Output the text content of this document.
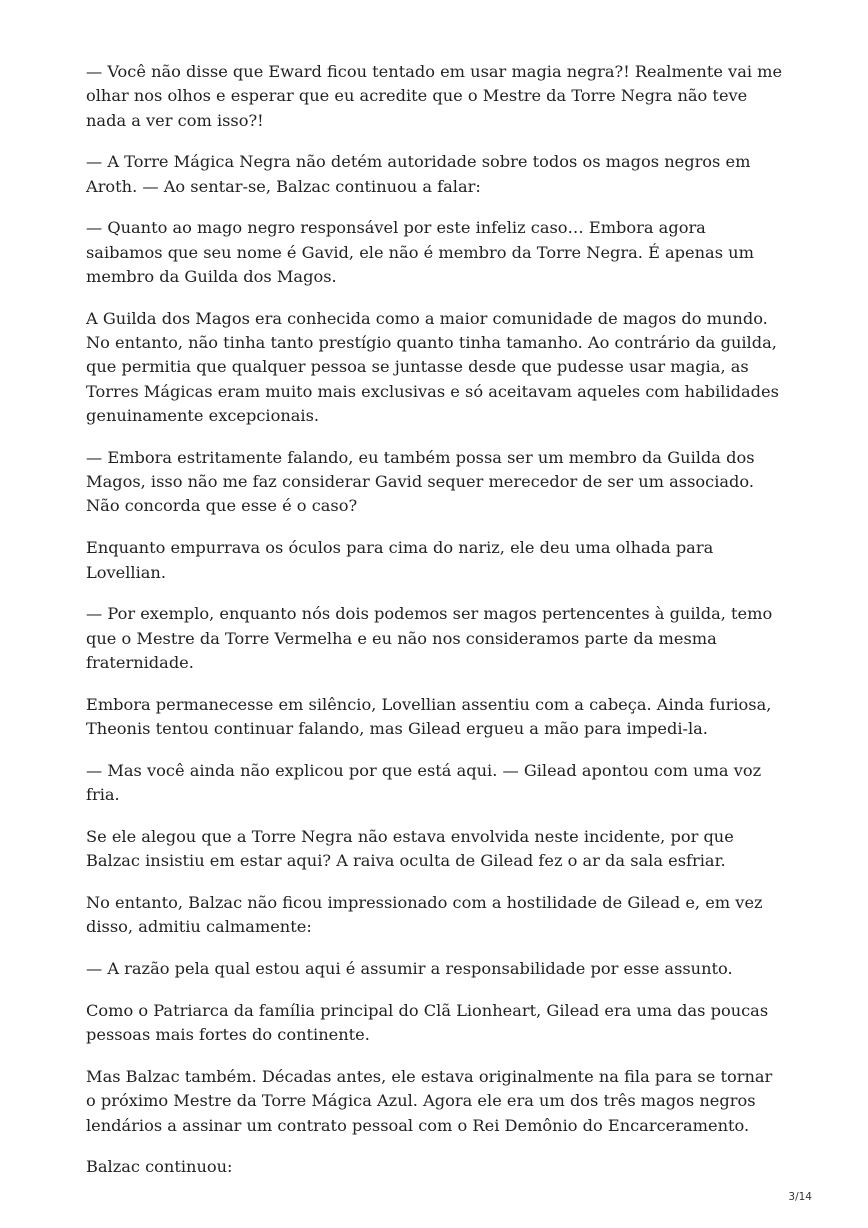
— Você não disse que Eward ficou tentado em usar magia negra?! Realmente vai me olhar nos olhos e esperar que eu acredite que o Mestre da Torre Negra não teve nada a ver com isso?!

— A Torre Mágica Negra não detém autoridade sobre todos os magos negros em Aroth. — Ao sentar-se, Balzac continuou a falar:

— Quanto ao mago negro responsável por este infeliz caso… Embora agora saibamos que seu nome é Gavid, ele não é membro da Torre Negra. É apenas um membro da Guilda dos Magos.

A Guilda dos Magos era conhecida como a maior comunidade de magos do mundo. No entanto, não tinha tanto prestígio quanto tinha tamanho. Ao contrário da guilda, que permitia que qualquer pessoa se juntasse desde que pudesse usar magia, as Torres Mágicas eram muito mais exclusivas e só aceitavam aqueles com habilidades genuinamente excepcionais.

— Embora estritamente falando, eu também possa ser um membro da Guilda dos Magos, isso não me faz considerar Gavid sequer merecedor de ser um associado. Não concorda que esse é o caso?

Enquanto empurrava os óculos para cima do nariz, ele deu uma olhada para Lovellian.

— Por exemplo, enquanto nós dois podemos ser magos pertencentes à guilda, temo que o Mestre da Torre Vermelha e eu não nos consideramos parte da mesma fraternidade.

Embora permanecesse em silêncio, Lovellian assentiu com a cabeça. Ainda furiosa, Theonis tentou continuar falando, mas Gilead ergueu a mão para impedi-la.

— Mas você ainda não explicou por que está aqui. — Gilead apontou com uma voz fria.

Se ele alegou que a Torre Negra não estava envolvida neste incidente, por que Balzac insistiu em estar aqui? A raiva oculta de Gilead fez o ar da sala esfriar.

No entanto, Balzac não ficou impressionado com a hostilidade de Gilead e, em vez disso, admitiu calmamente:

— A razão pela qual estou aqui é assumir a responsabilidade por esse assunto.

Como o Patriarca da família principal do Clã Lionheart, Gilead era uma das poucas pessoas mais fortes do continente.

Mas Balzac também. Décadas antes, ele estava originalmente na fila para se tornar o próximo Mestre da Torre Mágica Azul. Agora ele era um dos três magos negros lendários a assinar um contrato pessoal com o Rei Demônio do Encarceramento.

Balzac continuou:

3/14
